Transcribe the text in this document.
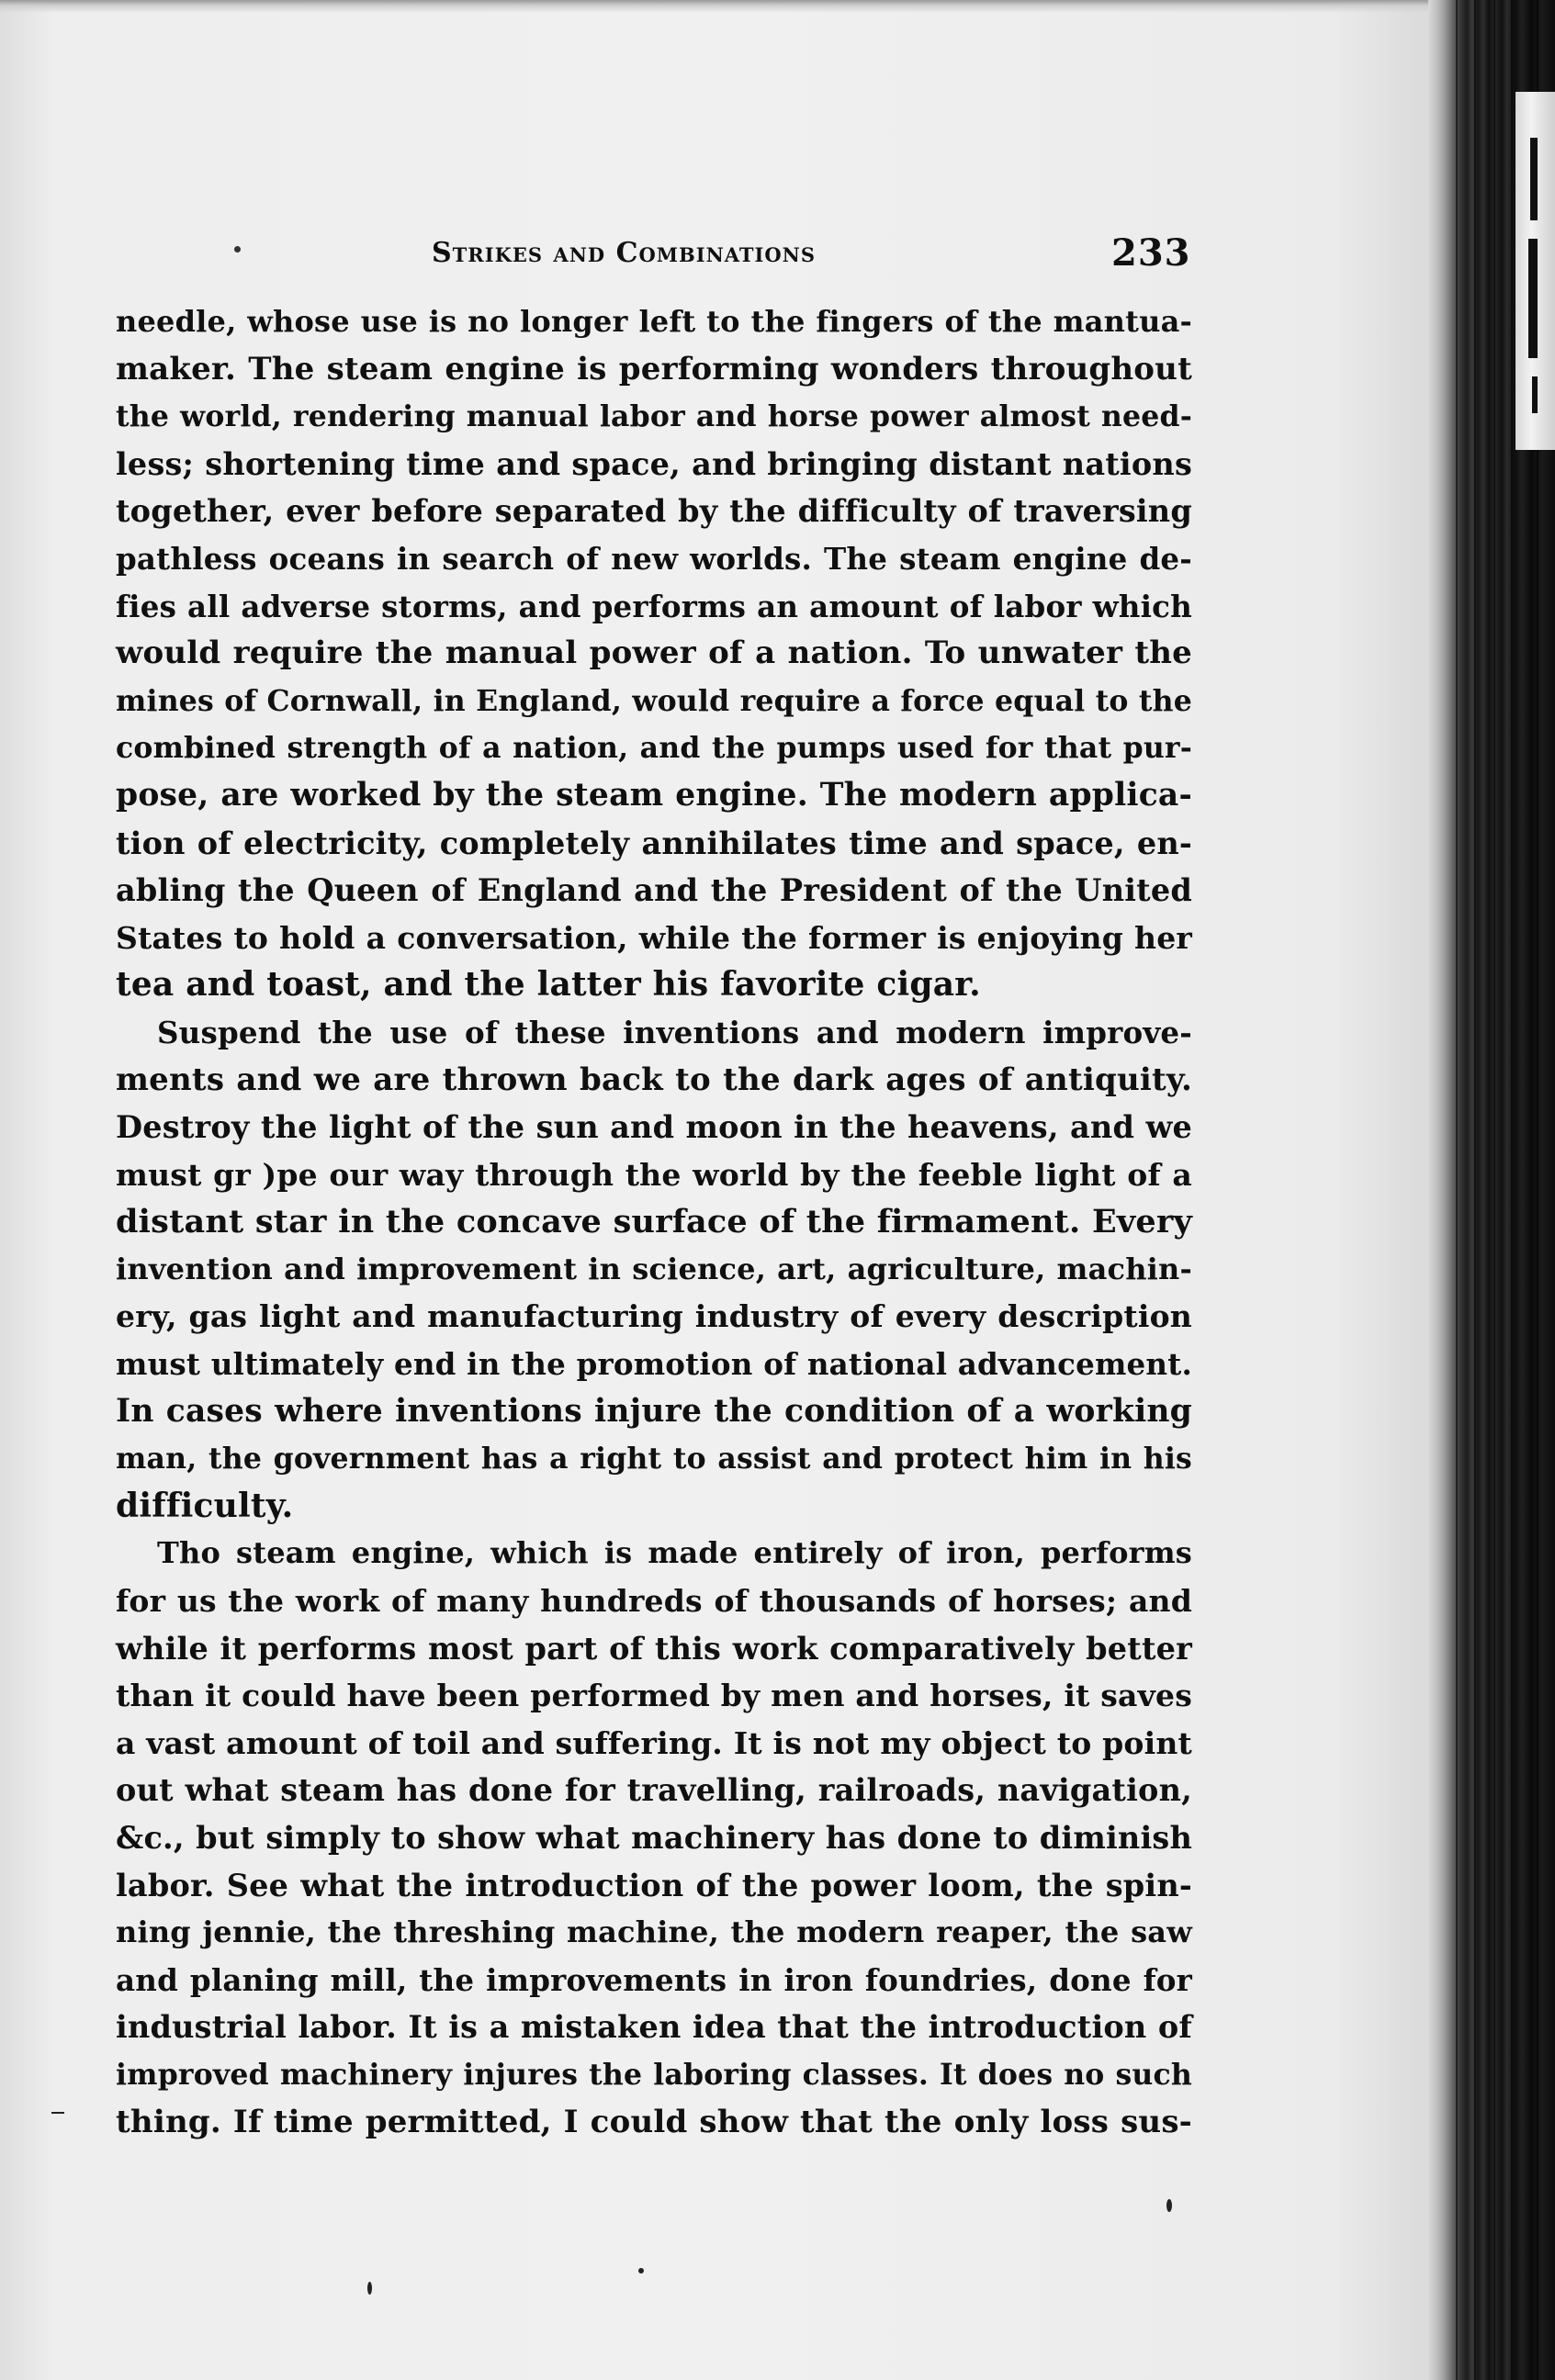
Strikes and Combinations	233
needle, whose use is no longer left to the fingers of the mantua-
maker. The steam engine is performing wonders throughout
the world, rendering manual labor and horse power almost need-
less; shortening time and space, and bringing distant nations
together, ever before separated by the difficulty of traversing
pathless oceans in search of new worlds. The steam engine de-
fies all adverse storms, and performs an amount of labor which
would require the manual power of a nation. To unwater the
mines of Cornwall, in England, would require a force equal to the
combined strength of a nation, and the pumps used for that pur-
pose, are worked by the steam engine. The modern applica-
tion of electricity, completely annihilates time and space, en-
abling the Queen of England and the President of the United
States to hold a conversation, while the former is enjoying her
tea and toast, and the latter his favorite cigar.
Suspend the use of these inventions and modern improve-
ments and we are thrown back to the dark ages of antiquity.
Destroy the light of the sun and moon in the heavens, and we
must gr )pe our way through the world by the feeble light of a
distant star in the concave surface of the firmament. Every
invention and improvement in science, art, agriculture, machin-
ery, gas light and manufacturing industry of every descriptiоn
must ultimately end in the promotion of national advancement.
In cases where inventions injure the condition of a working
man, the government has a right to assist and protect him in his
difficulty.
Tho steam engine, which is made entirely of iron, performs
for us the work of many hundreds of thousands of horses; and
while it performs most part of this work comparatively better
than it could have been performed by men and horses, it saves
a vast amount of toil and suffering. It is not my object to point
out what steam has done for travelling, railroads, navigation,
&c., but simply to show what machinery has done to diminish
labor. See what the introduction of the power loom, the spin-
ning jennie, the threshing machine, the modern reaper, the saw
and planing mill, the improvements in iron foundries, done for
industrial labor. It is a mistaken idea that the introduction of
improved machinery injures the laboring classes. It does no such
thing. If time permitted, I could show that the only loss sus-
